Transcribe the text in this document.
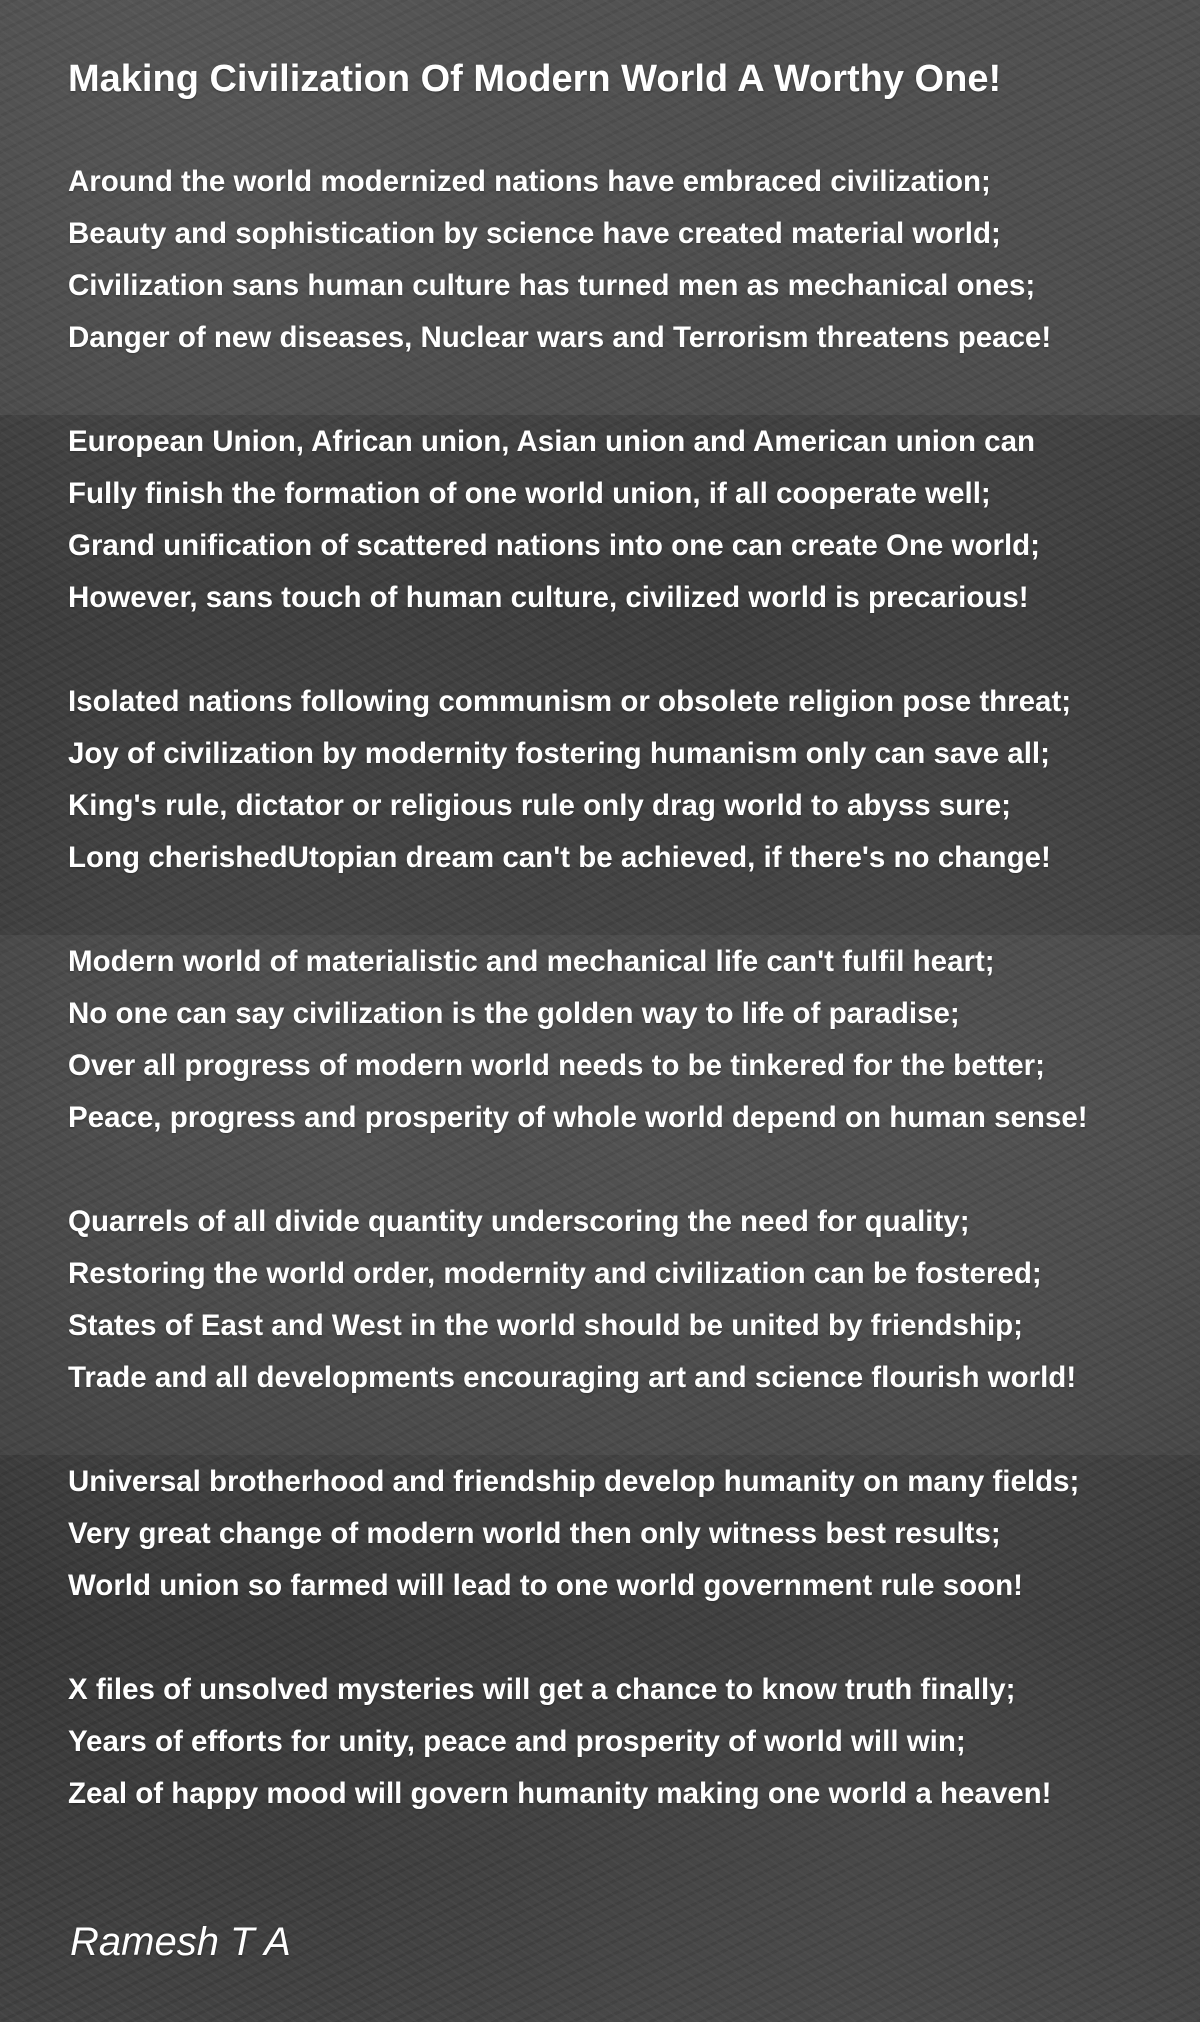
Making Civilization Of Modern World A Worthy One!
Around the world modernized nations have embraced civilization;
Beauty and sophistication by science have created material world;
Civilization sans human culture has turned men as mechanical ones;
Danger of new diseases, Nuclear wars and Terrorism threatens peace!
European Union, African union, Asian union and American union can
Fully finish the formation of one world union, if all cooperate well;
Grand unification of scattered nations into one can create One world;
However, sans touch of human culture, civilized world is precarious!
Isolated nations following communism or obsolete religion pose threat;
Joy of civilization by modernity fostering humanism only can save all;
King's rule, dictator or religious rule only drag world to abyss sure;
Long cherishedUtopian dream can't be achieved, if there's no change!
Modern world of materialistic and mechanical life can't fulfil heart;
No one can say civilization is the golden way to life of paradise;
Over all progress of modern world needs to be tinkered for the better;
Peace, progress and prosperity of whole world depend on human sense!
Quarrels of all divide quantity underscoring the need for quality;
Restoring the world order, modernity and civilization can be fostered;
States of East and West in the world should be united by friendship;
Trade and all developments encouraging art and science flourish world!
Universal brotherhood and friendship develop humanity on many fields;
Very great change of modern world then only witness best results;
World union so farmed will lead to one world government rule soon!
X files of unsolved mysteries will get a chance to know truth finally;
Years of efforts for unity, peace and prosperity of world will win;
Zeal of happy mood will govern humanity making one world a heaven!
Ramesh T A
